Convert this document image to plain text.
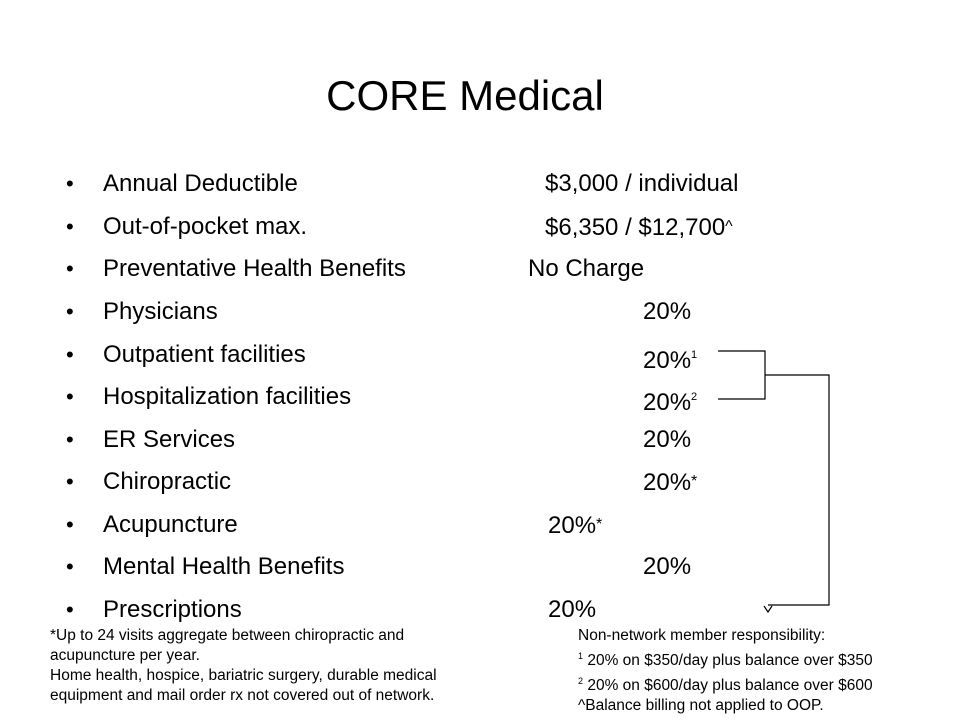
CORE Medical
• Annual Deductible	$3,000 / individual
• Out-of-pocket max.	$6,350 / $12,700^
• Preventative Health Benefits	No Charge
• Physicians	20%
• Outpatient facilities	20%$^1$
• Hospitalization facilities	20%$^2$
• ER Services	20%
• Chiropractic	20%*
• Acupuncture	20%*
• Mental Health Benefits	20%
• Prescriptions	20%
*Up to 24 visits aggregate between chiropractic and
acupuncture per year.
Home health, hospice, bariatric surgery, durable medical
equipment and mail order rx not covered out of network.
Non-network member responsibility:
$^1$ 20% on $350/day plus balance over $350
$^2$ 20% on $600/day plus balance over $600
^Balance billing not applied to OOP.
